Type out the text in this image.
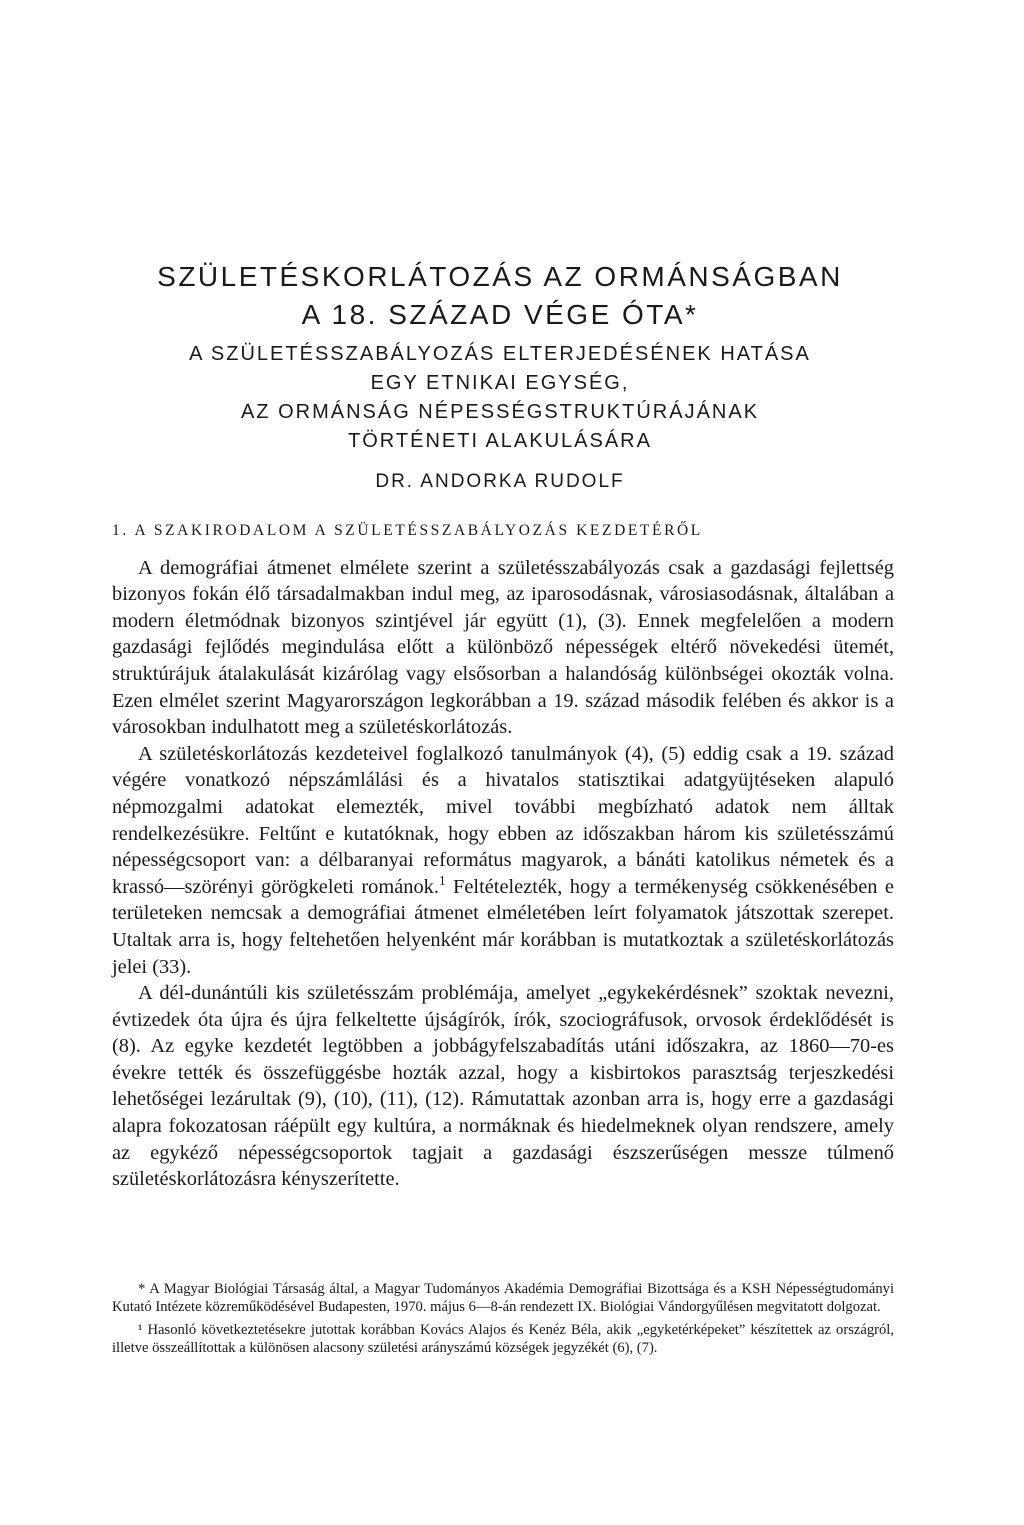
SZÜLETÉSKORLÁTOZÁS AZ ORMÁNSÁGBAN
A 18. SZÁZAD VÉGE ÓTA*
A SZÜLETÉSSZABÁLYOZÁS ELTERJEDÉSÉNEK HATÁSA
EGY ETNIKAI EGYSÉG,
AZ ORMÁNSÁG NÉPESSÉGSTRUKTÚRÁJÁNAK
TÖRTÉNETI ALAKULÁSÁRA
DR. ANDORKA RUDOLF
1. A SZAKIRODALOM A SZÜLETÉSSZABÁLYOZÁS KEZDETÉRŐL

A demográfiai átmenet elmélete szerint a születésszabályozás csak a gazdasági fejlettség bizonyos fokán élő társadalmakban indul meg, az iparosodásnak, városiasodásnak, általában a modern életmódnak bizonyos szintjével jár együtt (1), (3). Ennek megfelelően a modern gazdasági fejlődés megindulása előtt a különböző népességek eltérő növekedési ütemét, struktúrájuk átalakulását kizárólag vagy elsősorban a halandóság különbségei okozták volna. Ezen elmélet szerint Magyarországon legkorábban a 19. század második felében és akkor is a városokban indulhatott meg a születéskorlátozás.

A születéskorlátozás kezdeteivel foglalkozó tanulmányok (4), (5) eddig csak a 19. század végére vonatkozó népszámlálási és a hivatalos statisztikai adatgyüjtéseken alapuló népmozgalmi adatokat elemezték, mivel további megbízható adatok nem álltak rendelkezésükre. Feltűnt e kutatóknak, hogy ebben az időszakban három kis születésszámú népességcsoport van: a délbaranyai református magyarok, a bánáti katolikus németek és a krassó—szörényi görögkeleti románok.$^1$ Feltételezték, hogy a termékenység csökkenésében e területeken nemcsak a demográfiai átmenet elméletében leírt folyamatok játszottak szerepet. Utaltak arra is, hogy feltehetően helyenként már korábban is mutatkoztak a születéskorlátozás jelei (33).

A dél-dunántúli kis születésszám problémája, amelyet „egykekérdésnek” szoktak nevezni, évtizedek óta újra és újra felkeltette újságírók, írók, szociográfusok, orvosok érdeklődését is (8). Az egyke kezdetét legtöbben a jobbágyfelszabadítás utáni időszakra, az 1860—70-es évekre tették és összefüggésbe hozták azzal, hogy a kisbirtokos parasztság terjeszkedési lehetőségei lezárultak (9), (10), (11), (12). Rámutattak azonban arra is, hogy erre a gazdasági alapra fokozatosan ráépült egy kultúra, a normáknak és hiedelmeknek olyan rendszere, amely az egykéző népességcsoportok tagjait a gazdasági észszerűségen messze túlmenő születéskorlátozásra kényszerítette.

* A Magyar Biológiai Társaság által, a Magyar Tudományos Akadémia Demográfiai Bizottsága és a KSH Népességtudományi Kutató Intézete közreműködésével Budapesten, 1970. május 6—8-án rendezett IX. Biológiai Vándorgyűlésen megvitatott dolgozat.

¹ Hasonló következtetésekre jutottak korábban Kovács Alajos és Kenéz Béla, akik „egyketérképeket” készítettek az országról, illetve összeállítottak a különösen alacsony születési arányszámú községek jegyzékét (6), (7).
